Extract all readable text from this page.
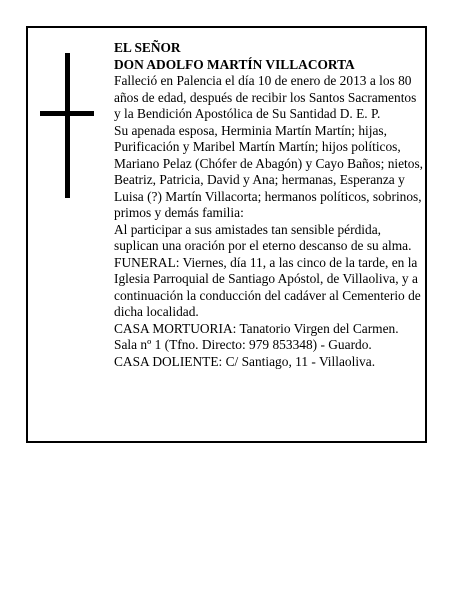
EL SEÑOR

DON ADOLFO MARTÍN VILLACORTA

Falleció en Palencia el día 10 de enero de 2013 a los 80 años de edad, después de recibir los Santos Sacramentos y la Bendición Apostólica de Su Santidad D. E. P.

Su apenada esposa, Herminia Martín Martín; hijas, Purificación y Maribel Martín Martín; hijos políticos, Mariano Pelaz (Chófer de Abagón) y Cayo Baños; nietos, Beatriz, Patricia, David y Ana; hermanas, Esperanza y Luisa (?) Martín Villacorta; hermanos políticos, sobrinos, primos y demás familia:

Al participar a sus amistades tan sensible pérdida, suplican una oración por el eterno descanso de su alma.

FUNERAL: Viernes, día 11, a las cinco de la tarde, en la Iglesia Parroquial de Santiago Apóstol, de Villaoliva, y a continuación la conducción del cadáver al Cementerio de dicha localidad.

CASA MORTUORIA: Tanatorio Virgen del Carmen. Sala nº 1 (Tfno. Directo: 979 853348) - Guardo.

CASA DOLIENTE: C/ Santiago, 11 - Villaoliva.
